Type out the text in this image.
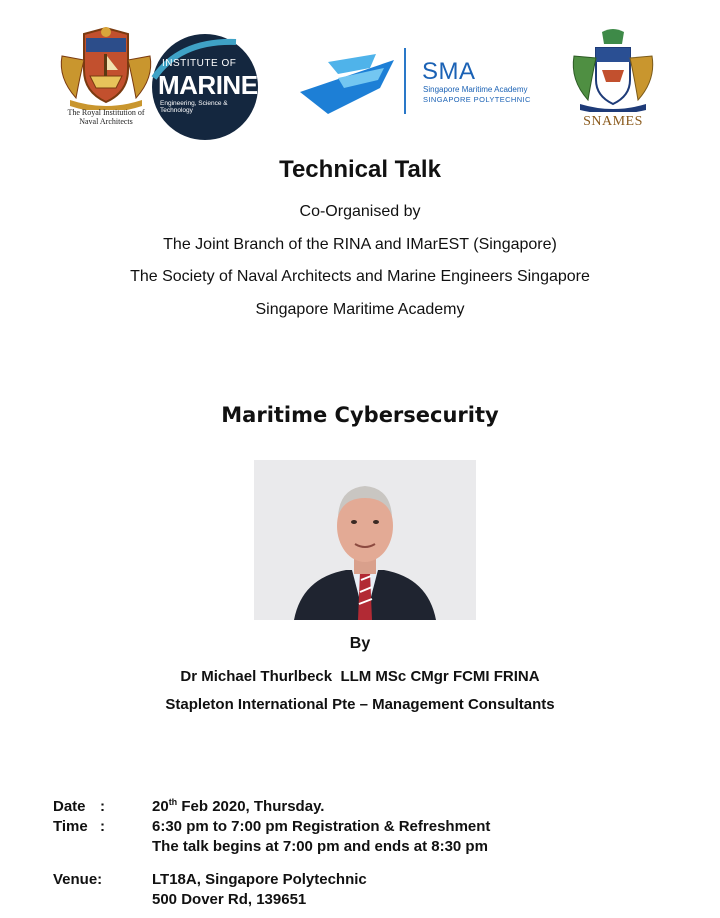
The Royal Institution of
Naval Architects
INSTITUTE OF
MARINE
Engineering, Science & Technology
SMA
Singapore Maritime Academy
SINGAPORE POLYTECHNIC
SNAMES
Technical Talk
Co-Organised by
The Joint Branch of the RINA and IMarEST (Singapore)
The Society of Naval Architects and Marine Engineers Singapore
Singapore Maritime Academy
Maritime Cybersecurity
By
Dr Michael Thurlbeck  LLM MSc CMgr FCMI FRINA
Stapleton International Pte – Management Consultants
Date :	20th Feb 2020, Thursday.
Time :	6:30 pm to 7:00 pm Registration & Refreshment
The talk begins at 7:00 pm and ends at 8:30 pm
Venue:	LT18A, Singapore Polytechnic
500 Dover Rd, 139651
